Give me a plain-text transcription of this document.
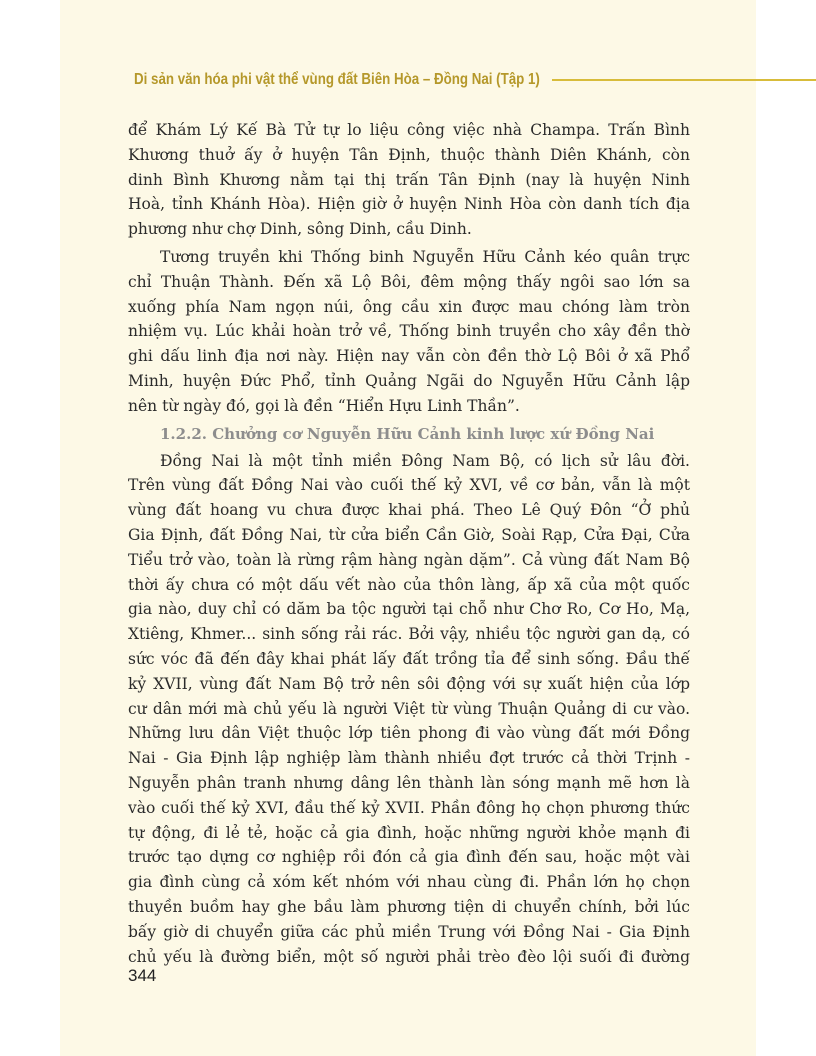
Di sản văn hóa phi vật thể vùng đất Biên Hòa – Đồng Nai (Tập 1)
để Khám Lý Kế Bà Tử tự lo liệu công việc nhà Champa. Trấn Bình
Khương thuở ấy ở huyện Tân Định, thuộc thành Diên Khánh, còn
dinh Bình Khương nằm tại thị trấn Tân Định (nay là huyện Ninh
Hoà, tỉnh Khánh Hòa). Hiện giờ ở huyện Ninh Hòa còn danh tích địa
phương như chợ Dinh, sông Dinh, cầu Dinh.
Tương truyền khi Thống binh Nguyễn Hữu Cảnh kéo quân trực
chỉ Thuận Thành. Đến xã Lộ Bôi, đêm mộng thấy ngôi sao lớn sa
xuống phía Nam ngọn núi, ông cầu xin được mau chóng làm tròn
nhiệm vụ. Lúc khải hoàn trở về, Thống binh truyền cho xây đền thờ
ghi dấu linh địa nơi này. Hiện nay vẫn còn đền thờ Lộ Bôi ở xã Phổ
Minh, huyện Đức Phổ, tỉnh Quảng Ngãi do Nguyễn Hữu Cảnh lập
nên từ ngày đó, gọi là đền “Hiển Hựu Linh Thần”.
1.2.2. Chưởng cơ Nguyễn Hữu Cảnh kinh lược xứ Đồng Nai
Đồng Nai là một tỉnh miền Đông Nam Bộ, có lịch sử lâu đời.
Trên vùng đất Đồng Nai vào cuối thế kỷ XVI, về cơ bản, vẫn là một
vùng đất hoang vu chưa được khai phá. Theo Lê Quý Đôn “Ở phủ
Gia Định, đất Đồng Nai, từ cửa biển Cần Giờ, Soài Rạp, Cửa Đại, Cửa
Tiểu trở vào, toàn là rừng rậm hàng ngàn dặm”. Cả vùng đất Nam Bộ
thời ấy chưa có một dấu vết nào của thôn làng, ấp xã của một quốc
gia nào, duy chỉ có dăm ba tộc người tại chỗ như Chơ Ro, Cơ Ho, Mạ,
Xtiêng, Khmer... sinh sống rải rác. Bởi vậy, nhiều tộc người gan dạ, có
sức vóc đã đến đây khai phát lấy đất trồng tỉa để sinh sống. Đầu thế
kỷ XVII, vùng đất Nam Bộ trở nên sôi động với sự xuất hiện của lớp
cư dân mới mà chủ yếu là người Việt từ vùng Thuận Quảng di cư vào.
Những lưu dân Việt thuộc lớp tiên phong đi vào vùng đất mới Đồng
Nai - Gia Định lập nghiệp làm thành nhiều đợt trước cả thời Trịnh -
Nguyễn phân tranh nhưng dâng lên thành làn sóng mạnh mẽ hơn là
vào cuối thế kỷ XVI, đầu thế kỷ XVII. Phần đông họ chọn phương thức
tự động, đi lẻ tẻ, hoặc cả gia đình, hoặc những người khỏe mạnh đi
trước tạo dựng cơ nghiệp rồi đón cả gia đình đến sau, hoặc một vài
gia đình cùng cả xóm kết nhóm với nhau cùng đi. Phần lớn họ chọn
thuyền buồm hay ghe bầu làm phương tiện di chuyển chính, bởi lúc
bấy giờ di chuyển giữa các phủ miền Trung với Đồng Nai - Gia Định
chủ yếu là đường biển, một số người phải trèo đèo lội suối đi đường
344
